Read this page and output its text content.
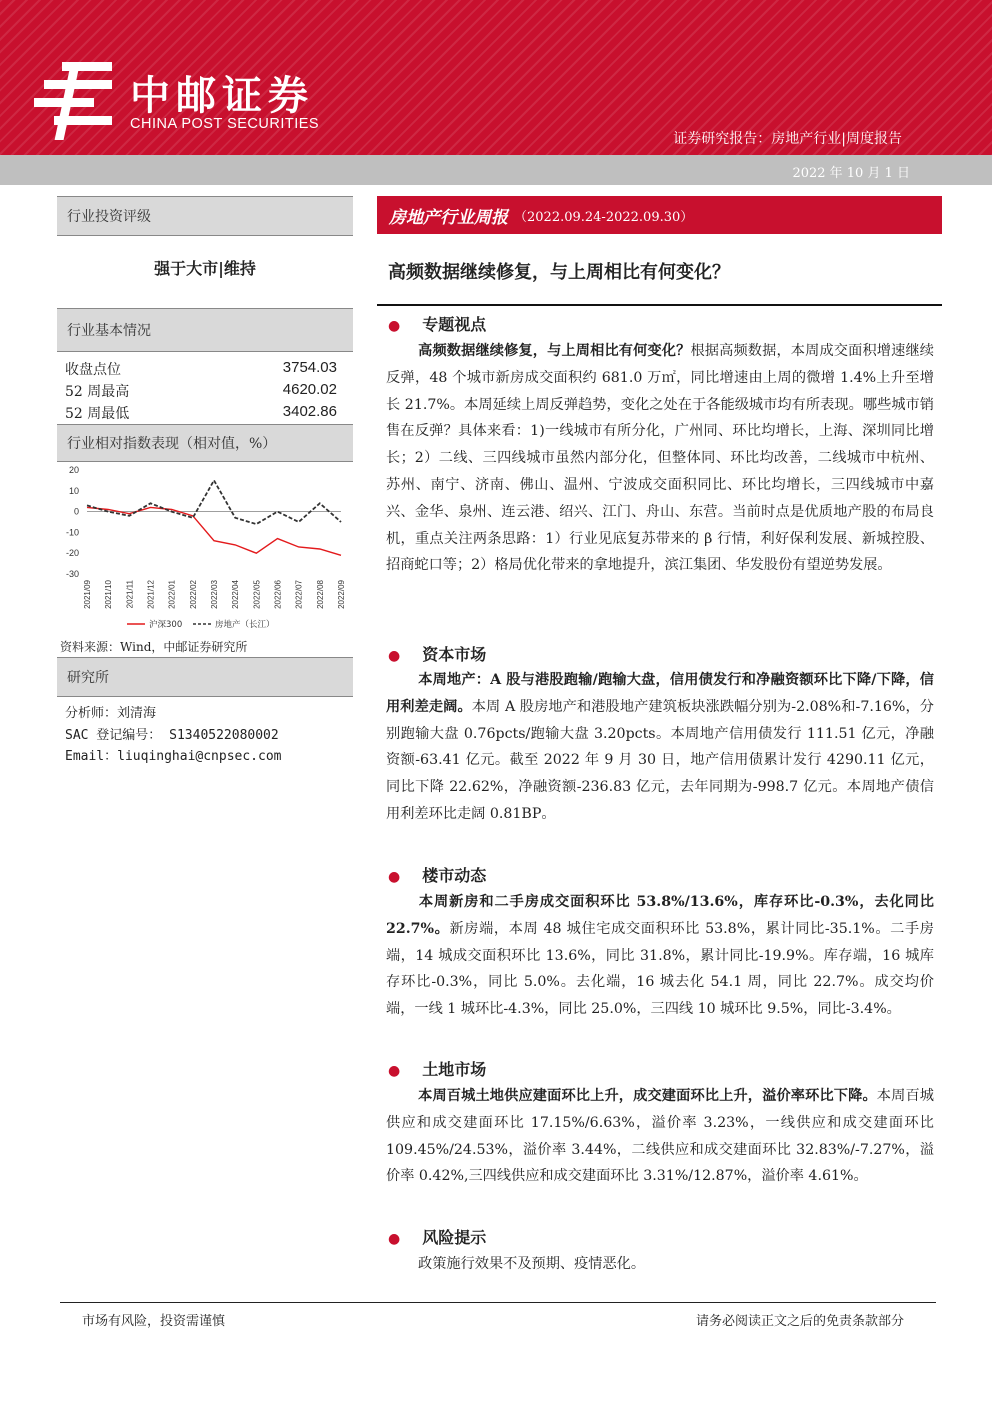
中邮证券
CHINA POST SECURITIES
证券研究报告：房地产行业|周度报告
2022 年 10 月 1 日
行业投资评级
强于大市|维持
行业基本情况
收盘点位	3754.03
52 周最高	4620.02
52 周最低	3402.86
行业相对指数表现（相对值，%）
20
10
0
-10
-20
-30
2021/09 2021/10 2021/11 2021/12 2022/01 2022/02 2022/03 2022/04 2022/05 2022/06 2022/07 2022/08 2022/09
沪深300	房地产（长江）
资料来源：Wind，中邮证券研究所
研究所
分析师：刘清海
SAC 登记编号： S1340522080002
Email：liuqinghai@cnpsec.com
房地产行业周报 （2022.09.24-2022.09.30）
高频数据继续修复，与上周相比有何变化？
● 专题视点
高频数据继续修复，与上周相比有何变化？根据高频数据，本周成交面积增速继续反弹，48 个城市新房成交面积约 681.0 万㎡，同比增速由上周的微增 1.4%上升至增长 21.7%。本周延续上周反弹趋势，变化之处在于各能级城市均有所表现。哪些城市销售在反弹？具体来看：1)一线城市有所分化，广州同、环比均增长，上海、深圳同比增长；2）二线、三四线城市虽然内部分化，但整体同、环比均改善，二线城市中杭州、苏州、南宁、济南、佛山、温州、宁波成交面积同比、环比均增长，三四线城市中嘉兴、金华、泉州、连云港、绍兴、江门、舟山、东营。当前时点是优质地产股的布局良机，重点关注两条思路：1）行业见底复苏带来的 β 行情，利好保利发展、新城控股、招商蛇口等；2）格局优化带来的拿地提升，滨江集团、华发股份有望逆势发展。
● 资本市场
本周地产：A 股与港股跑输/跑输大盘，信用债发行和净融资额环比下降/下降，信用利差走阔。本周 A 股房地产和港股地产建筑板块涨跌幅分别为-2.08%和-7.16%，分别跑输大盘 0.76pcts/跑输大盘 3.20pcts。本周地产信用债发行 111.51 亿元，净融资额-63.41 亿元。截至 2022 年 9 月 30 日，地产信用债累计发行 4290.11 亿元，同比下降 22.62%，净融资额-236.83 亿元，去年同期为-998.7 亿元。本周地产债信用利差环比走阔 0.81BP。
● 楼市动态
本周新房和二手房成交面积环比 53.8%/13.6%，库存环比-0.3%，去化同比 22.7%。新房端，本周 48 城住宅成交面积环比 53.8%，累计同比-35.1%。二手房端，14 城成交面积环比 13.6%，同比 31.8%，累计同比-19.9%。库存端，16 城库存环比-0.3%，同比 5.0%。去化端，16 城去化 54.1 周，同比 22.7%。成交均价端，一线 1 城环比-4.3%，同比 25.0%，三四线 10 城环比 9.5%，同比-3.4%。
● 土地市场
本周百城土地供应建面环比上升，成交建面环比上升，溢价率环比下降。本周百城供应和成交建面环比 17.15%/6.63%，溢价率 3.23%，一线供应和成交建面环比 109.45%/24.53%，溢价率 3.44%，二线供应和成交建面环比 32.83%/-7.27%，溢价率 0.42%,三四线供应和成交建面环比 3.31%/12.87%，溢价率 4.61%。
● 风险提示
政策施行效果不及预期、疫情恶化。
市场有风险，投资需谨慎	请务必阅读正文之后的免责条款部分
